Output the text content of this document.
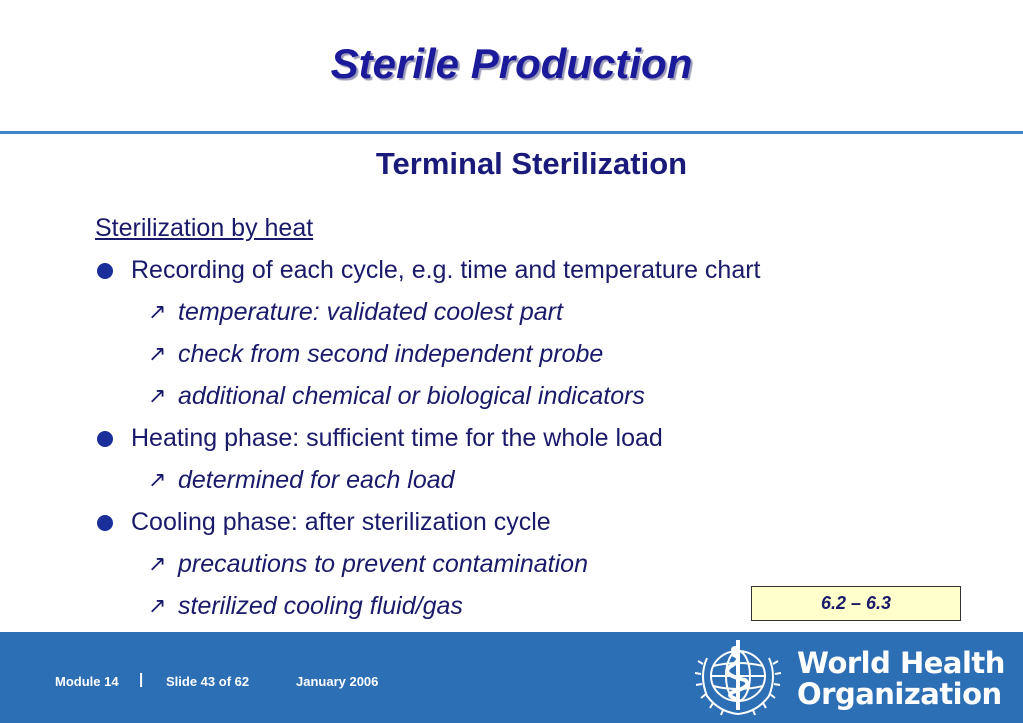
Sterile Production
Terminal Sterilization
Sterilization by heat
Recording of each cycle, e.g. time and temperature chart
↗ temperature: validated coolest part
↗ check from second independent probe
↗ additional chemical or biological indicators
Heating phase: sufficient time for the whole load
↗ determined for each load
Cooling phase: after sterilization cycle
↗ precautions to prevent contamination
↗ sterilized cooling fluid/gas	6.2 – 6.3
Module 14 | Slide 43 of 62	January 2006
World Health
Organization
